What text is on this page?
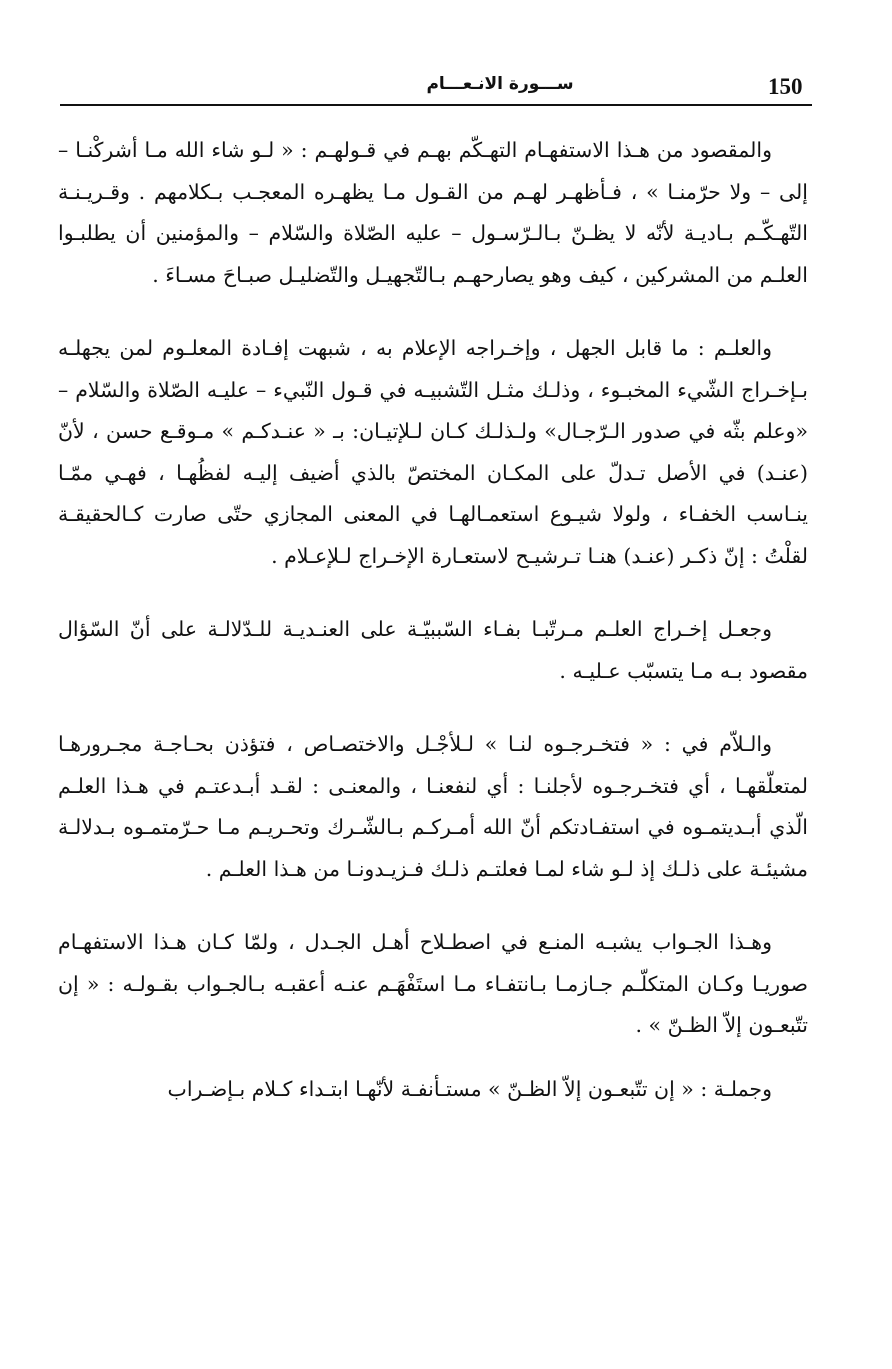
150
ســـورة الانـعـــام

والمقصود من هـذا الاستفهـام التهـكّم بهـم في قـولهـم : « لـو شاء الله مـا أشركْنـا – إلى – ولا حرّمنـا » ، فـأظهـر لهـم من القـول مـا يظهـره المعجـب بـكلامهم . وقـريـنـة التّهـكّـم بـاديـة لأنّه لا يظـنّ بـالـرّسـول – عليه الصّلاة والسّلام – والمؤمنين أن يطلبـوا العلـم من المشركين ، كيف وهو يصارحهـم بـالتّجهيـل والتّضليـل صبـاحَ مسـاءَ .

والعلـم : ما قابل الجهل ، وإخـراجه الإعلام به ، شبهت إفـادة المعلـوم لمن يجهلـه بـإخـراج الشّيء المخبـوء ، وذلـك مثـل التّشبيـه في قـول النّبيء – عليـه الصّلاة والسّلام – «وعلم بثّه في صدور الـرّجـال» ولـذلـك كـان لـلإتيـان: بـ « عنـدكـم » مـوقـع حسن ، لأنّ (عنـد) في الأصل تـدلّ على المكـان المختصّ بالذي أضيف إليـه لفظُهـا ، فهـي ممّـا ينـاسب الخفـاء ، ولولا شيـوع استعمـالهـا في المعنى المجازي حتّى صارت كـالحقيقـة لقلْتُ : إنّ ذكـر (عنـد) هنـا تـرشيـح لاستعـارة الإخـراج لـلإعـلام .

وجعـل إخـراج العلـم مـرتّبـا بفـاء السّببيّـة على العنـديـة للـدّلالـة على أنّ السّؤال مقصود بـه مـا يتسبّب عـليـه .

والـلاّم في : « فتخـرجـوه لنـا » لـلأجْـل والاختصـاص ، فتؤذن بحـاجـة مجـرورهـا لمتعلّقهـا ، أي فتخـرجـوه لأجلنـا : أي لنفعنـا ، والمعنـى : لقـد أبـدعتـم في هـذا العلـم الّذي أبـديتمـوه في استفـادتكم أنّ الله أمـركـم بـالشّـرك وتحـريـم مـا حـرّمتمـوه بـدلالـة مشيئـة على ذلـك إذ لـو شاء لمـا فعلتـم ذلـك فـزيـدونـا من هـذا العلـم .

وهـذا الجـواب يشبـه المنـع في اصطـلاح أهـل الجـدل ، ولمّا كـان هـذا الاستفهـام صوريـا وكـان المتكلّـم جـازمـا بـانتفـاء مـا استَفْهَـم عنـه أعقبـه بـالجـواب بقـولـه : « إن تتّبعـون إلاّ الظـنّ » .

وجملـة : « إن تتّبعـون إلاّ الظـنّ » مستـأنفـة لأنّهـا ابتـداء كـلام بـإضـراب
